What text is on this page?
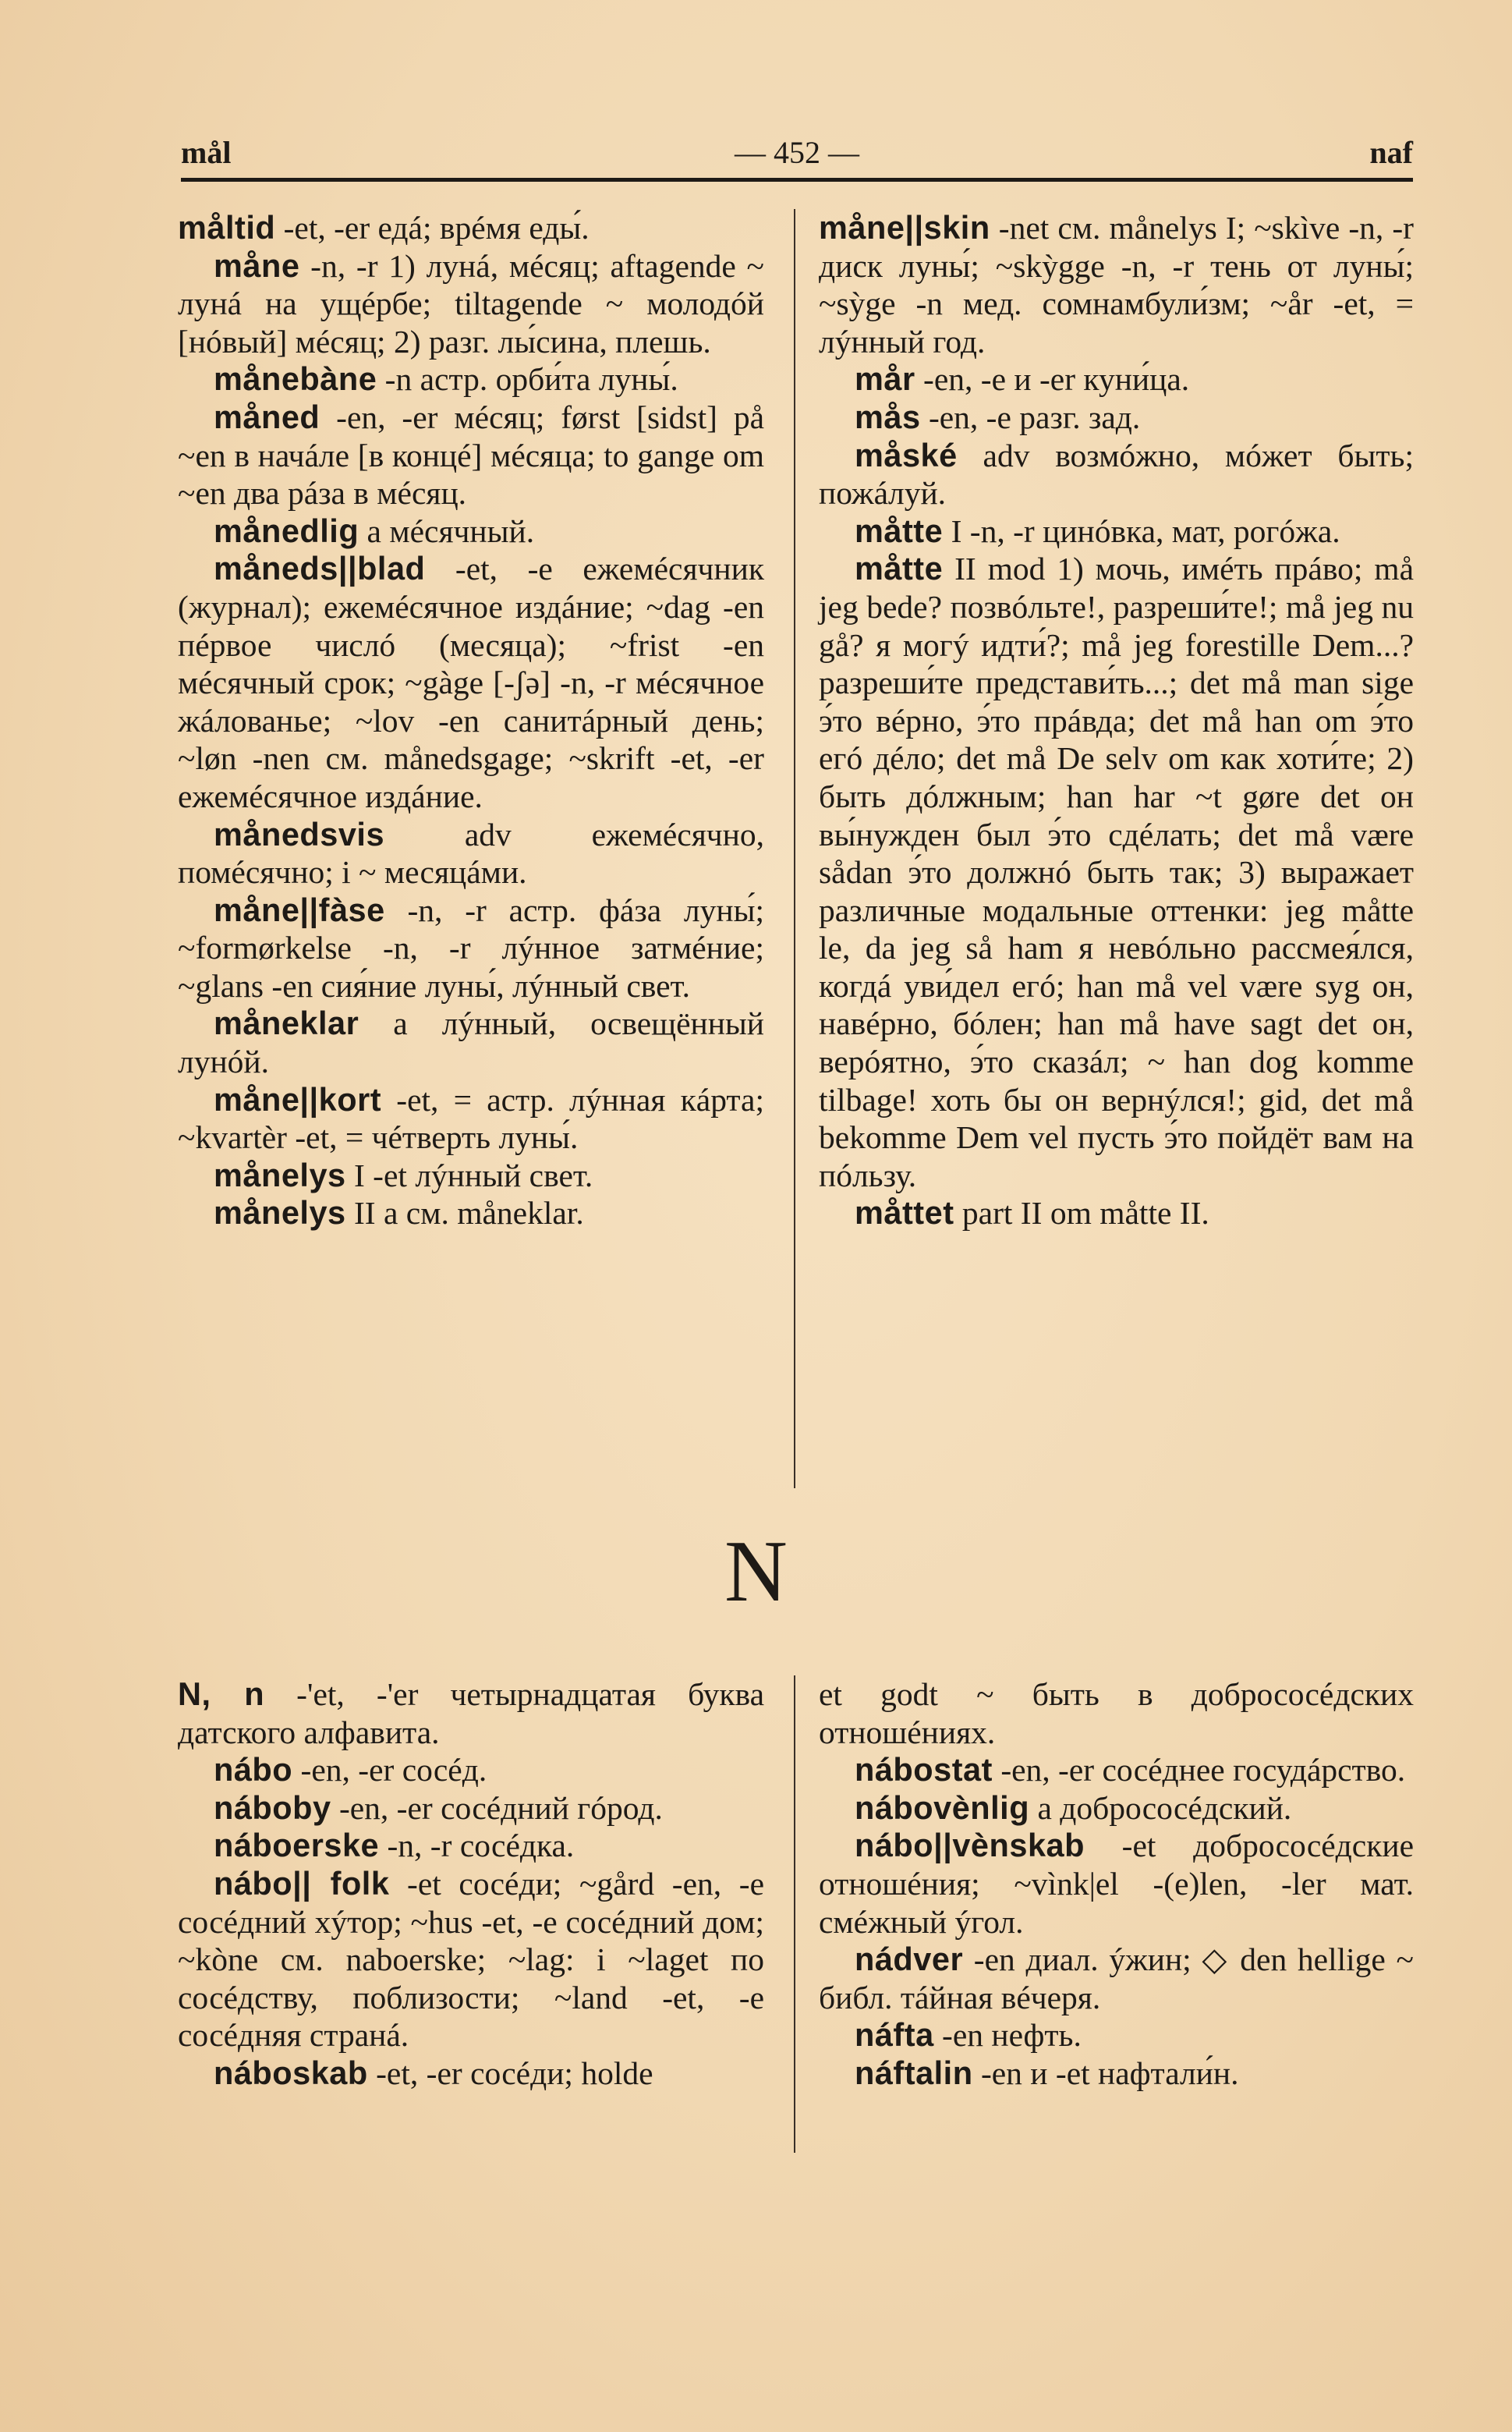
mål	— 452 —	naf

måltid -et, -er едá; врéмя еды́.

måne -n, -r 1) лунá, мéсяц; aftagende ~ лунá на ущéрбе; tiltagende ~ молодóй [нóвый] мéсяц; 2) разг. лы́сина, плешь.

månebàne -n астр. орби́та луны́.

måned -en, -er мéсяц; først [sidst] på ~en в начáле [в концé] мéсяца; to gange om ~en два рáза в мéсяц.

månedlig a мéсячный.

måneds||blad -et, -e ежемéсячник (журнал); ежемéсячное издáние; ~dag -en пéрвое числó (месяца); ~frist -en мéсячный срок; ~gàge [-ʃə] -n, -r мéсячное жáлованье; ~lov -en санитáрный день; ~løn -nen см. månedsgage; ~skrift -et, -er ежемéсячное издáние.

månedsvis adv ежемéсячно, помéсячно; i ~ месяцáми.

måne||fàse -n, -r астр. фáза луны́; ~formørkelse -n, -r лýнное затмéние; ~glans -en сия́ние луны́, лýнный свет.

måneklar a лýнный, освещённый лунóй.

måne||kort -et, = астр. лýнная кáрта; ~kvartèr -et, = чéтверть луны́.

månelys I -et лýнный свет.

månelys II a см. måneklar.

måne||skin -net см. månelys I; ~skìve -n, -r диск луны́; ~skỳgge -n, -r тень от луны́; ~sỳge -n мед. сомнамбули́зм; ~år -et, = лýнный год.

mår -en, -e и -er куни́ца.

mås -en, -e разг. зад.

måské adv возмóжно, мóжет быть; пожáлуй.

måtte I -n, -r цинóвка, мат, рогóжа.

måtte II mod 1) мочь, имéть прáво; må jeg bede? позвóльте!, разреши́те!; må jeg nu gå? я могý идти́?; må jeg forestille Dem...? разреши́те представи́ть...; det må man sige э́то вéрно, э́то прáвда; det må han om э́то егó дéло; det må De selv om как хоти́те; 2) быть дóлжным; han har ~t gøre det он вы́нужден был э́то сдéлать; det må være sådan э́то должнó быть так; 3) выражает различные модальные оттенки: jeg måtte le, da jeg så ham я невóльно рассмея́лся, когдá уви́дел егó; han må vel være syg он, навéрно, бóлен; han må have sagt det он, верóятно, э́то сказáл; ~ han dog komme tilbage! хоть бы он вернýлся!; gid, det må bekomme Dem vel пусть э́то пойдёт вам на пóльзу.

måttet part II om måtte II.

N

N, n -'et, -'er четырнадцатая буква датского алфавита.

nábo -en, -er сосéд.

náboby -en, -er сосéдний гóрод.

náboerske -n, -r сосéдка.

nábo|| folk -et сосéди; ~gård -en, -e сосéдний хýтор; ~hus -et, -e сосéдний дом; ~kòne см. naboerske; ~lag: i ~laget по сосéдству, поблизости; ~land -et, -e сосéдняя странá.

náboskab -et, -er сосéди; holde

et godt ~ быть в добрососéдских отношéниях.

nábostat -en, -er сосéднее госудáрство.

nábovènlig a добрососéдский.

nábo||vènskab -et добрососéдские отношéния; ~vìnk|el -(e)len, -ler мат. смéжный ýгол.

nádver -en диал. ýжин; ◇ den hellige ~ библ. тáйная вéчеря.

náfta -en нефть.

náftalin -en и -et нафтали́н.
